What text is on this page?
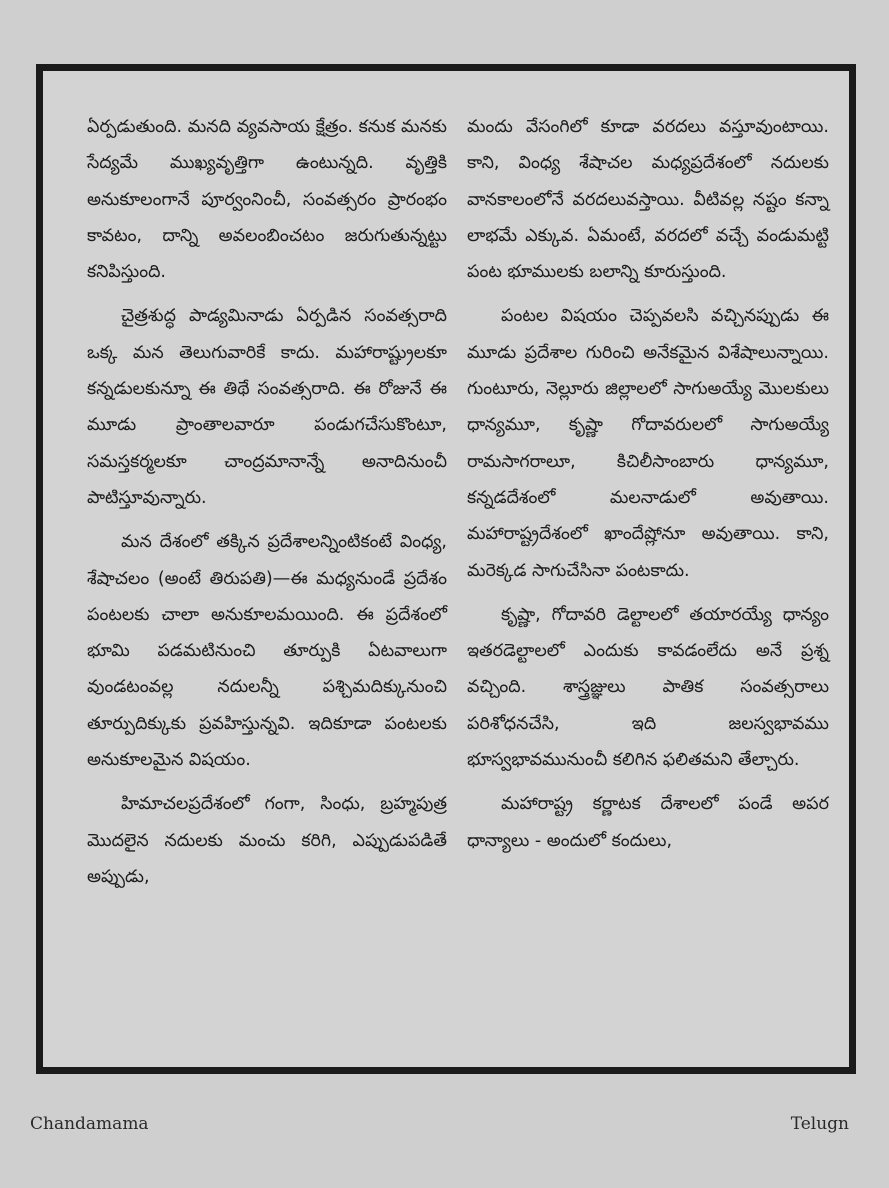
ఏర్పడుతుంది. మనది వ్యవసాయ క్షేత్రం. కనుక మనకు సేద్యమే ముఖ్యవృత్తిగా ఉంటున్నది. వృత్తికి అనుకూలంగానే పూర్వంనించీ, సంవత్సరం ప్రారంభం కావటం, దాన్ని అవలంబించటం జరుగుతున్నట్టు కనిపిస్తుంది.

చైత్రశుద్ధ పాడ్యమినాడు ఏర్పడిన సంవత్సరాది ఒక్క మన తెలుగువారికే కాదు. మహారాష్ట్రులకూ కన్నడులకున్నూ ఈ తిథే సంవత్సరాది. ఈ రోజునే ఈ మూడు ప్రాంతాలవారూ పండుగచేసుకొంటూ, సమస్తకర్మలకూ చాంద్రమానాన్నే అనాదినుంచీ పాటిస్తూవున్నారు.

మన దేశంలో తక్కిన ప్రదేశాలన్నింటికంటే వింధ్య, శేషాచలం (అంటే తిరుపతి)—ఈ మధ్యనుండే ప్రదేశం పంటలకు చాలా అనుకూలమయింది. ఈ ప్రదేశంలో భూమి పడమటినుంచి తూర్పుకి ఏటవాలుగా వుండటంవల్ల నదులన్నీ పశ్చిమదిక్కునుంచి తూర్పుదిక్కుకు ప్రవహిస్తున్నవి. ఇదికూడా పంటలకు అనుకూలమైన విషయం.

హిమాచలప్రదేశంలో గంగా, సింధు, బ్రహ్మపుత్ర మొదలైన నదులకు మంచు కరిగి, ఎప్పుడుపడితే అప్పుడు,

మందు వేసంగిలో కూడా వరదలు వస్తూవుంటాయి. కాని, వింధ్య శేషాచల మధ్యప్రదేశంలో నదులకు వానకాలంలోనే వరదలువస్తాయి. వీటివల్ల నష్టం కన్నా లాభమే ఎక్కువ. ఏమంటే, వరదలో వచ్చే వండుమట్టి పంట భూములకు బలాన్ని కూరుస్తుంది.

పంటల విషయం చెప్పవలసి వచ్చినప్పుడు ఈ మూడు ప్రదేశాల గురించి అనేకమైన విశేషాలున్నాయి. గుంటూరు, నెల్లూరు జిల్లాలలో సాగుఅయ్యే మొలకులు ధాన్యమూ, కృష్ణా గోదావరులలో సాగుఅయ్యే రామసాగరాలూ, కిచిలీసాంబారు ధాన్యమూ, కన్నడదేశంలో మలనాడులో అవుతాయి. మహారాష్ట్రదేశంలో ఖాందేష్లోనూ అవుతాయి. కాని, మరెక్కడ సాగుచేసినా పంటకాదు.

కృష్ణా, గోదావరి డెల్టాలలో తయారయ్యే ధాన్యం ఇతరడెల్టాలలో ఎందుకు కావడంలేదు అనే ప్రశ్న వచ్చింది. శాస్త్రజ్ఞులు పాతిక సంవత్సరాలు పరిశోధనచేసి, ఇది జలస్వభావము భూస్వభావమునుంచీ కలిగిన ఫలితమని తేల్చారు.

మహారాష్ట్ర కర్ణాటక దేశాలలో పండే అపర ధాన్యాలు - అందులో కందులు,

Chandamama	Telugn
